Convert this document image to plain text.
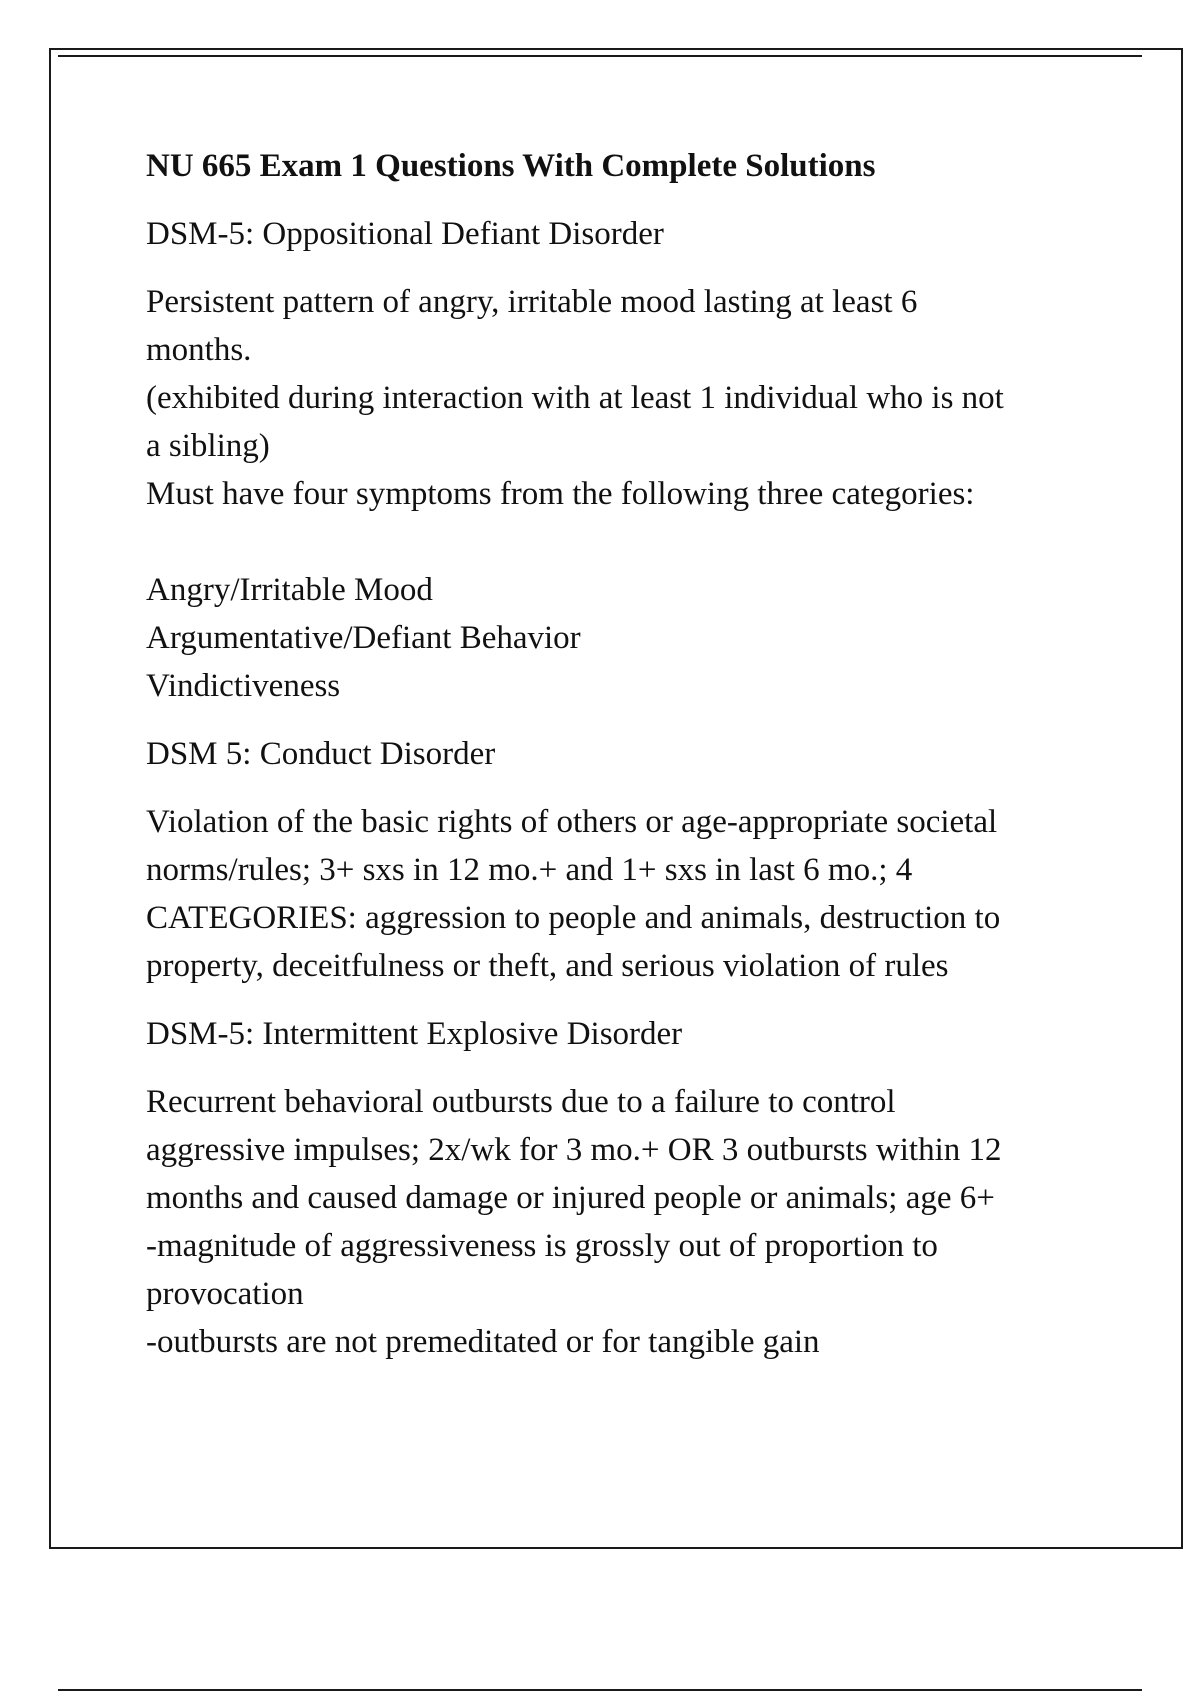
NU 665 Exam 1 Questions With Complete Solutions
DSM-5: Oppositional Defiant Disorder
Persistent pattern of angry, irritable mood lasting at least 6
months.
(exhibited during interaction with at least 1 individual who is not
a sibling)
Must have four symptoms from the following three categories:
Angry/Irritable Mood
Argumentative/Defiant Behavior
Vindictiveness
DSM 5: Conduct Disorder
Violation of the basic rights of others or age-appropriate societal
norms/rules; 3+ sxs in 12 mo.+ and 1+ sxs in last 6 mo.; 4
CATEGORIES: aggression to people and animals, destruction to
property, deceitfulness or theft, and serious violation of rules
DSM-5: Intermittent Explosive Disorder
Recurrent behavioral outbursts due to a failure to control
aggressive impulses; 2x/wk for 3 mo.+ OR 3 outbursts within 12
months and caused damage or injured people or animals; age 6+
-magnitude of aggressiveness is grossly out of proportion to
provocation
-outbursts are not premeditated or for tangible gain
